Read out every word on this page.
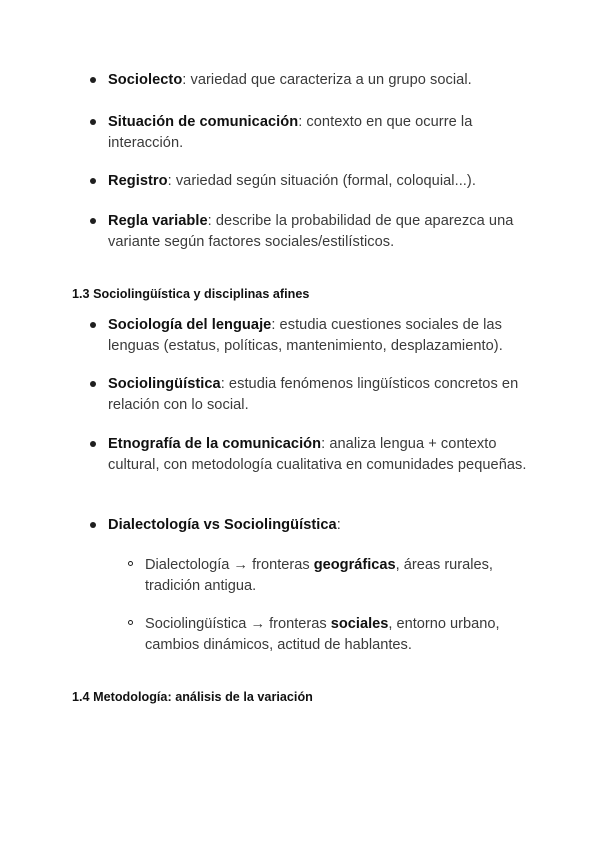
Sociolecto: variedad que caracteriza a un grupo social.
Situación de comunicación: contexto en que ocurre la interacción.
Registro: variedad según situación (formal, coloquial...).
Regla variable: describe la probabilidad de que aparezca una variante según factores sociales/estilísticos.
1.3 Sociolingüística y disciplinas afines
Sociología del lenguaje: estudia cuestiones sociales de las lenguas (estatus, políticas, mantenimiento, desplazamiento).
Sociolingüística: estudia fenómenos lingüísticos concretos en relación con lo social.
Etnografía de la comunicación: analiza lengua + contexto cultural, con metodología cualitativa en comunidades pequeñas.
Dialectología vs Sociolingüística:
Dialectología → fronteras geográficas, áreas rurales, tradición antigua.
Sociolingüística → fronteras sociales, entorno urbano, cambios dinámicos, actitud de hablantes.
1.4 Metodología: análisis de la variación
